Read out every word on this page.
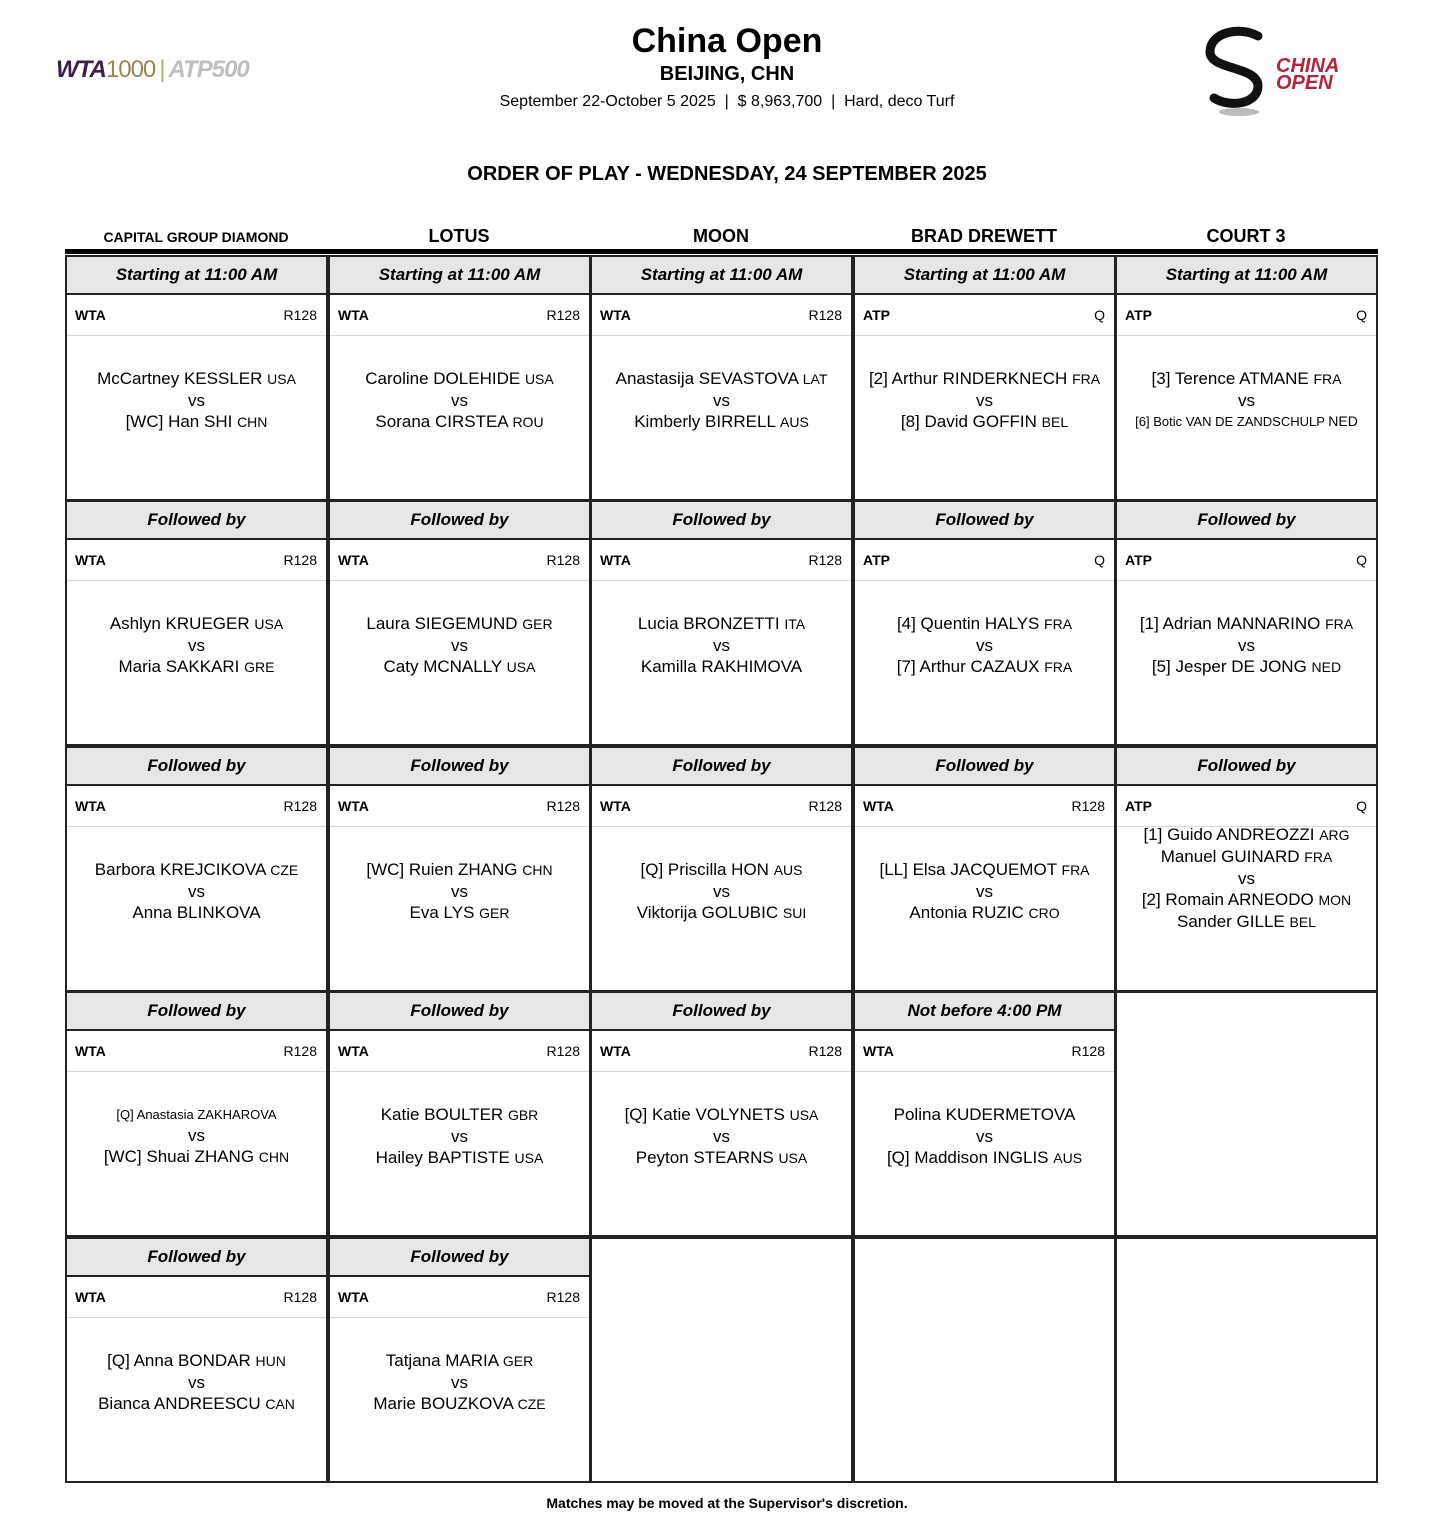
WTA1000 | ATP500
China Open
BEIJING, CHN
September 22-October 5 2025  |  $ 8,963,700  |  Hard, deco Turf
CHINA
OPEN
ORDER OF PLAY - WEDNESDAY, 24 SEPTEMBER 2025
CAPITAL GROUP DIAMOND	LOTUS	MOON	BRAD DREWETT	COURT 3
Starting at 11:00 AM
WTA	R128
McCartney KESSLER USA
vs
[WC] Han SHI CHN
Followed by
WTA	R128
Ashlyn KRUEGER USA
vs
Maria SAKKARI GRE
Followed by
WTA	R128
Barbora KREJCIKOVA CZE
vs
Anna BLINKOVA
Followed by
WTA	R128
[Q] Anastasia ZAKHAROVA
vs
[WC] Shuai ZHANG CHN
Followed by
WTA	R128
[Q] Anna BONDAR HUN
vs
Bianca ANDREESCU CAN
Starting at 11:00 AM
WTA	R128
Caroline DOLEHIDE USA
vs
Sorana CIRSTEA ROU
Followed by
WTA	R128
Laura SIEGEMUND GER
vs
Caty MCNALLY USA
Followed by
WTA	R128
[WC] Ruien ZHANG CHN
vs
Eva LYS GER
Followed by
WTA	R128
Katie BOULTER GBR
vs
Hailey BAPTISTE USA
Followed by
WTA	R128
Tatjana MARIA GER
vs
Marie BOUZKOVA CZE
Starting at 11:00 AM
WTA	R128
Anastasija SEVASTOVA LAT
vs
Kimberly BIRRELL AUS
Followed by
WTA	R128
Lucia BRONZETTI ITA
vs
Kamilla RAKHIMOVA
Followed by
WTA	R128
[Q] Priscilla HON AUS
vs
Viktorija GOLUBIC SUI
Followed by
WTA	R128
[Q] Katie VOLYNETS USA
vs
Peyton STEARNS USA
Starting at 11:00 AM
ATP	Q
[2] Arthur RINDERKNECH FRA
vs
[8] David GOFFIN BEL
Followed by
ATP	Q
[4] Quentin HALYS FRA
vs
[7] Arthur CAZAUX FRA
Followed by
WTA	R128
[LL] Elsa JACQUEMOT FRA
vs
Antonia RUZIC CRO
Not before 4:00 PM
WTA	R128
Polina KUDERMETOVA
vs
[Q] Maddison INGLIS AUS
Starting at 11:00 AM
ATP	Q
[3] Terence ATMANE FRA
vs
[6] Botic VAN DE ZANDSCHULP NED
Followed by
ATP	Q
[1] Adrian MANNARINO FRA
vs
[5] Jesper DE JONG NED
Followed by
ATP	Q
[1] Guido ANDREOZZI ARG
Manuel GUINARD FRA
vs
[2] Romain ARNEODO MON
Sander GILLE BEL
Matches may be moved at the Supervisor's discretion.
